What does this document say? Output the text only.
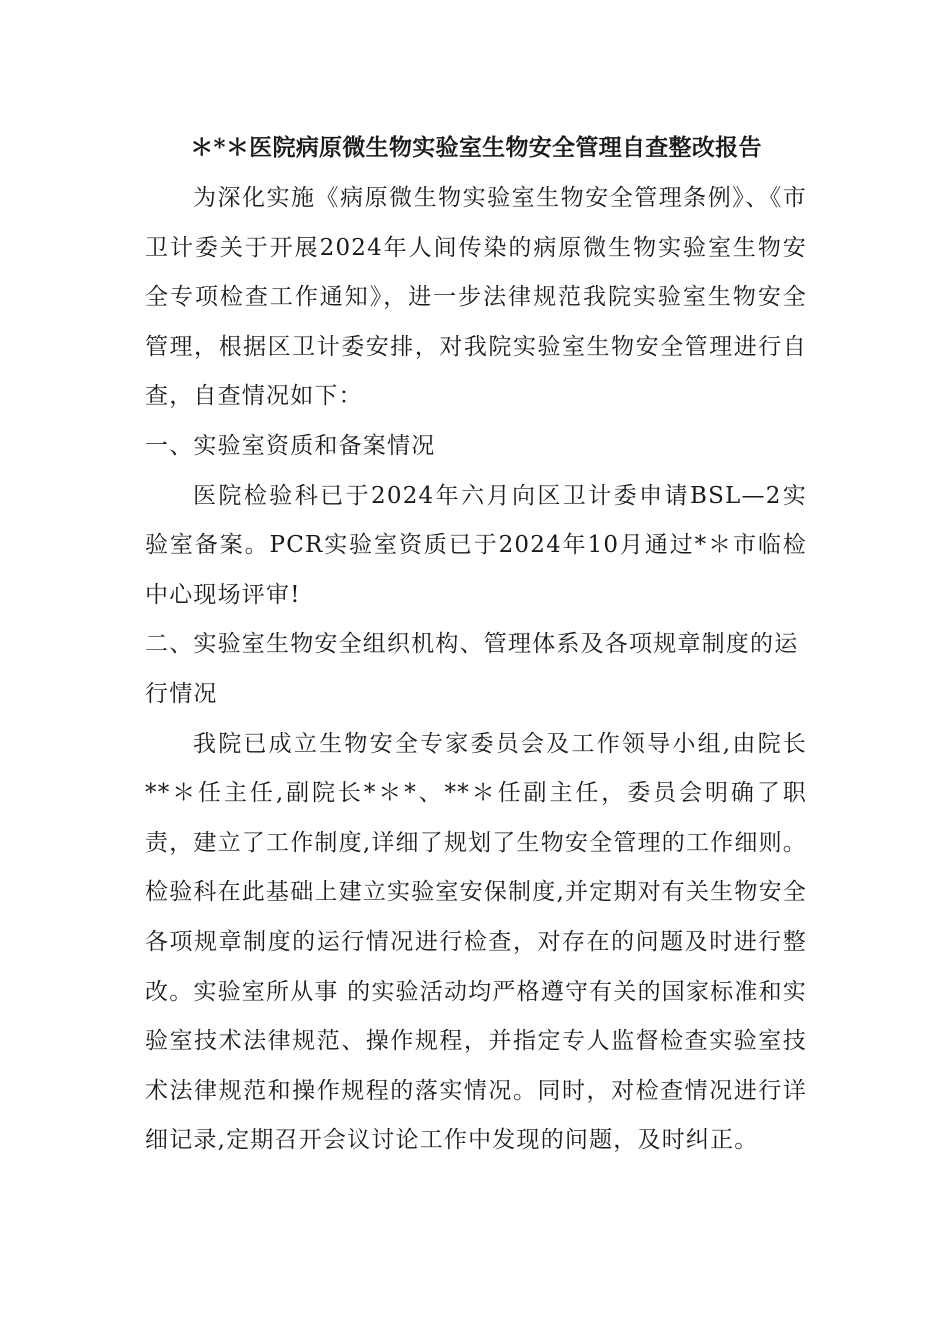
＊*＊医院病原微生物实验室生物安全管理自查整改报告

为深化实施《病原微生物实验室生物安全管理条例》、《市卫计委关于开展2024年人间传染的病原微生物实验室生物安全专项检查工作通知》，进一步法律规范我院实验室生物安全管理，根据区卫计委安排，对我院实验室生物安全管理进行自查，自查情况如下：

一、实验室资质和备案情况

医院检验科已于2024年六月向区卫计委申请BSL—2实验室备案。PCR实验室资质已于2024年10月通过*＊市临检中心现场评审!

二、实验室生物安全组织机构、管理体系及各项规章制度的运行情况

我院已成立生物安全专家委员会及工作领导小组,由院长**＊任主任,副院长*＊*、**＊任副主任，委员会明确了职责，建立了工作制度,详细了规划了生物安全管理的工作细则。检验科在此基础上建立实验室安保制度,并定期对有关生物安全各项规章制度的运行情况进行检查，对存在的问题及时进行整改。实验室所从事 的实验活动均严格遵守有关的国家标准和实验室技术法律规范、操作规程，并指定专人监督检查实验室技术法律规范和操作规程的落实情况。同时，对检查情况进行详细记录,定期召开会议讨论工作中发现的问题，及时纠正。
